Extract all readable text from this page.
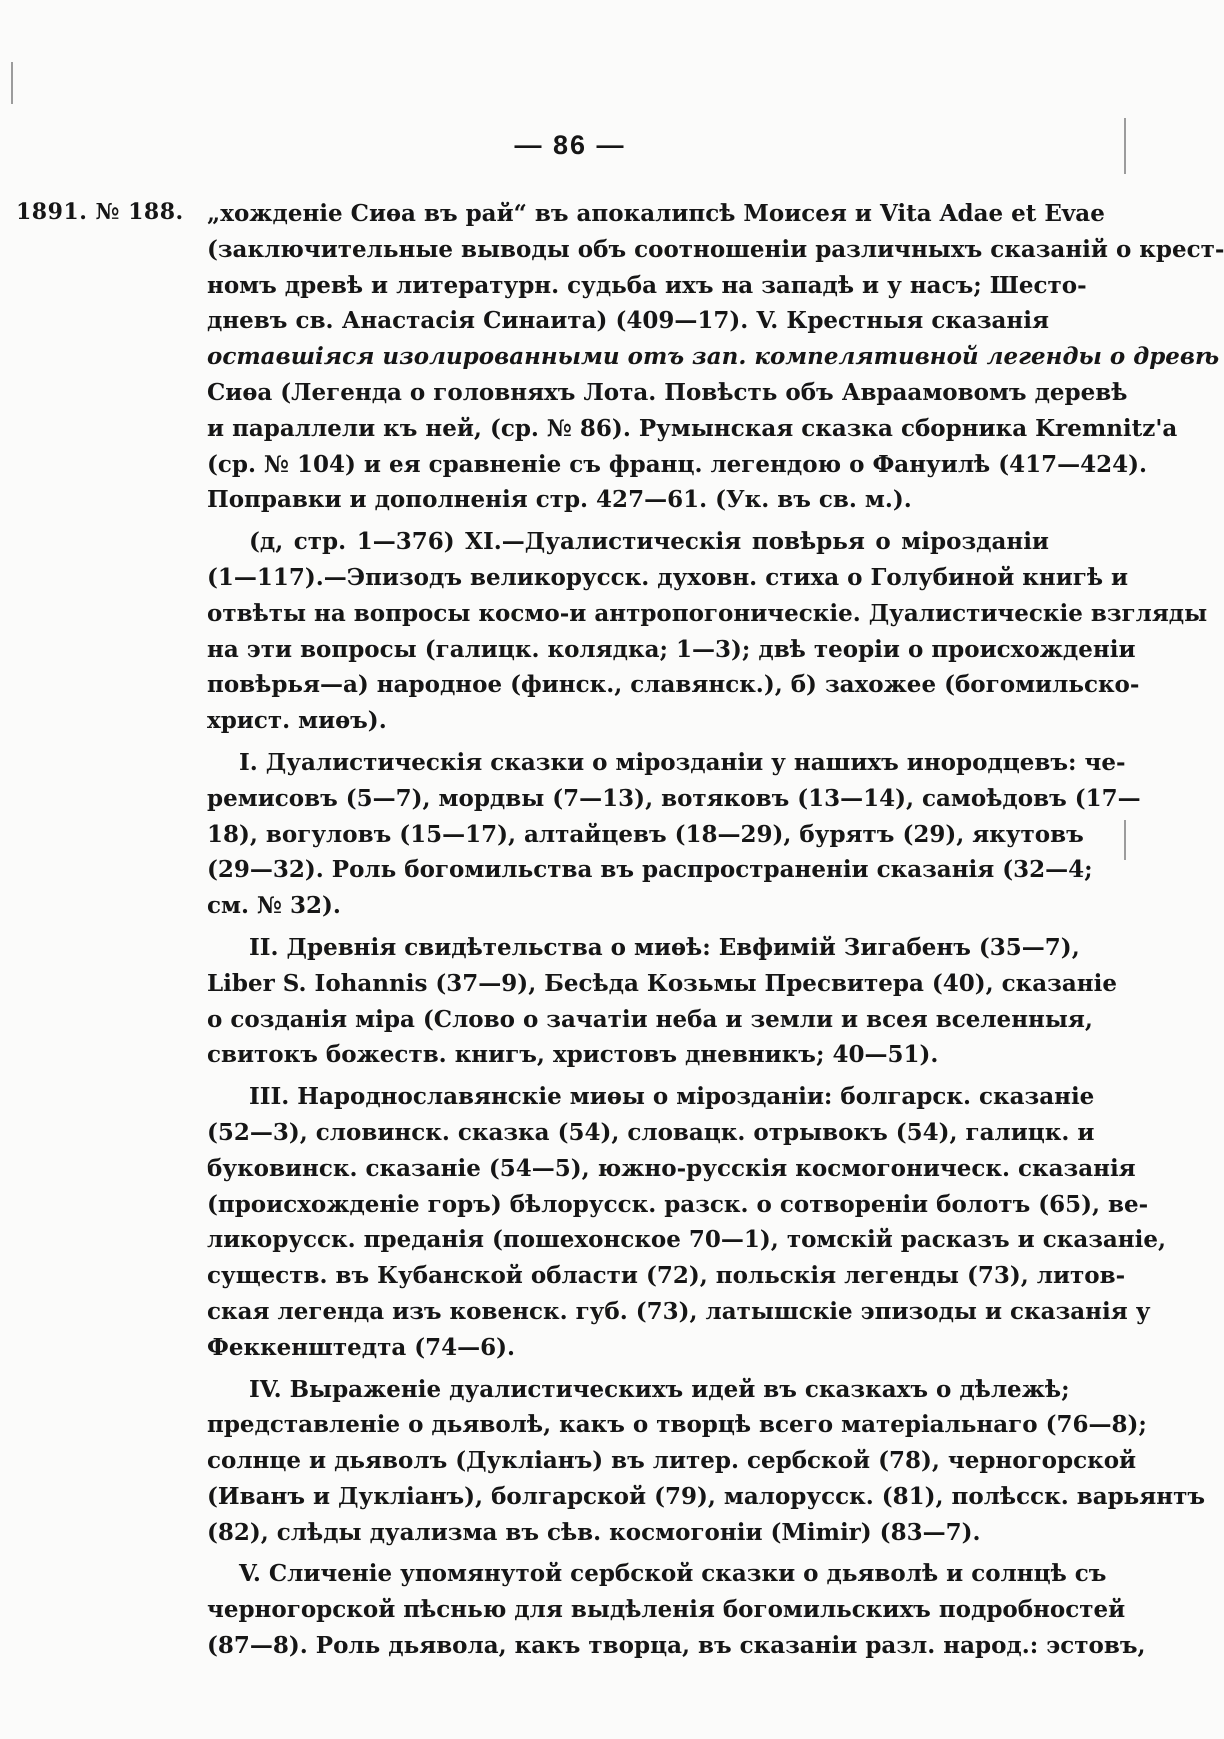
— 86 —
1891. № 188. „хожденіе Сиѳа въ рай“ въ апокалипсѣ Моисея и Vita Adae et Evae
(заключительные выводы объ соотношеніи различныхъ сказаній о крест-
номъ древѣ и литературн. судьба ихъ на западѣ и у насъ; Шесто-
дневъ св. Анастасія Синаита) (409—17). V. Крестныя сказанія
оставшіяся изолированными отъ зап. компелятивной легенды о древѣ
Сиѳа (Легенда о головняхъ Лота. Повѣсть объ Авраамовомъ деревѣ
и параллели къ ней, (ср. № 86). Румынская сказка сборника Kremnitz'a
(ср. № 104) и ея сравненіе съ франц. легендою о Фануилѣ (417—424).
Поправки и дополненія стр. 427—61. (Ук. въ св. м.).
(д, стр. 1—376) XI.—Дуалистическія повѣрья о мірозданіи
(1—117).—Эпизодъ великорусск. духовн. стиха о Голубиной книгѣ и
отвѣты на вопросы космо-и антропогоническіе. Дуалистическіе взгляды
на эти вопросы (галицк. колядка; 1—3); двѣ теоріи о происхожденіи
повѣрья—а) народное (финск., славянск.), б) захожее (богомильско-
христ. миѳъ).
I. Дуалистическія сказки о мірозданіи у нашихъ инородцевъ: че-
ремисовъ (5—7), мордвы (7—13), вотяковъ (13—14), самоѣдовъ (17—
18), вогуловъ (15—17), алтайцевъ (18—29), бурятъ (29), якутовъ
(29—32). Роль богомильства въ распространеніи сказанія (32—4;
см. № 32).
II. Древнія свидѣтельства о миѳѣ: Евфимій Зигабенъ (35—7),
Liber S. Iohannis (37—9), Бесѣда Козьмы Пресвитера (40), сказаніе
о созданія міра (Слово о зачатіи неба и земли и всея вселенныя,
свитокъ божеств. книгъ, христовъ дневникъ; 40—51).
III. Народнославянскіе миѳы о мірозданіи: болгарск. сказаніе
(52—3), словинск. сказка (54), словацк. отрывокъ (54), галицк. и
буковинск. сказаніе (54—5), южно-русскія космогоническ. сказанія
(происхожденіе горъ) бѣлорусск. разск. о сотвореніи болотъ (65), ве-
ликорусск. преданія (пошехонское 70—1), томскій расказъ и сказаніе,
существ. въ Кубанской области (72), польскія легенды (73), литов-
ская легенда изъ ковенск. губ. (73), латышскіе эпизоды и сказанія у
Феккенштедта (74—6).
IV. Выраженіе дуалистическихъ идей въ сказкахъ о дѣлежѣ;
представленіе о дьяволѣ, какъ о творцѣ всего матеріальнаго (76—8);
солнце и дьяволъ (Дукліанъ) въ литер. сербской (78), черногорской
(Иванъ и Дукліанъ), болгарской (79), малорусск. (81), полѣсск. варьянтъ
(82), слѣды дуализма въ сѣв. космогоніи (Mimir) (83—7).
V. Сличеніе упомянутой сербской сказки о дьяволѣ и солнцѣ съ
черногорской пѣснью для выдѣленія богомильскихъ подробностей
(87—8). Роль дьявола, какъ творца, въ сказаніи разл. народ.: эстовъ,
